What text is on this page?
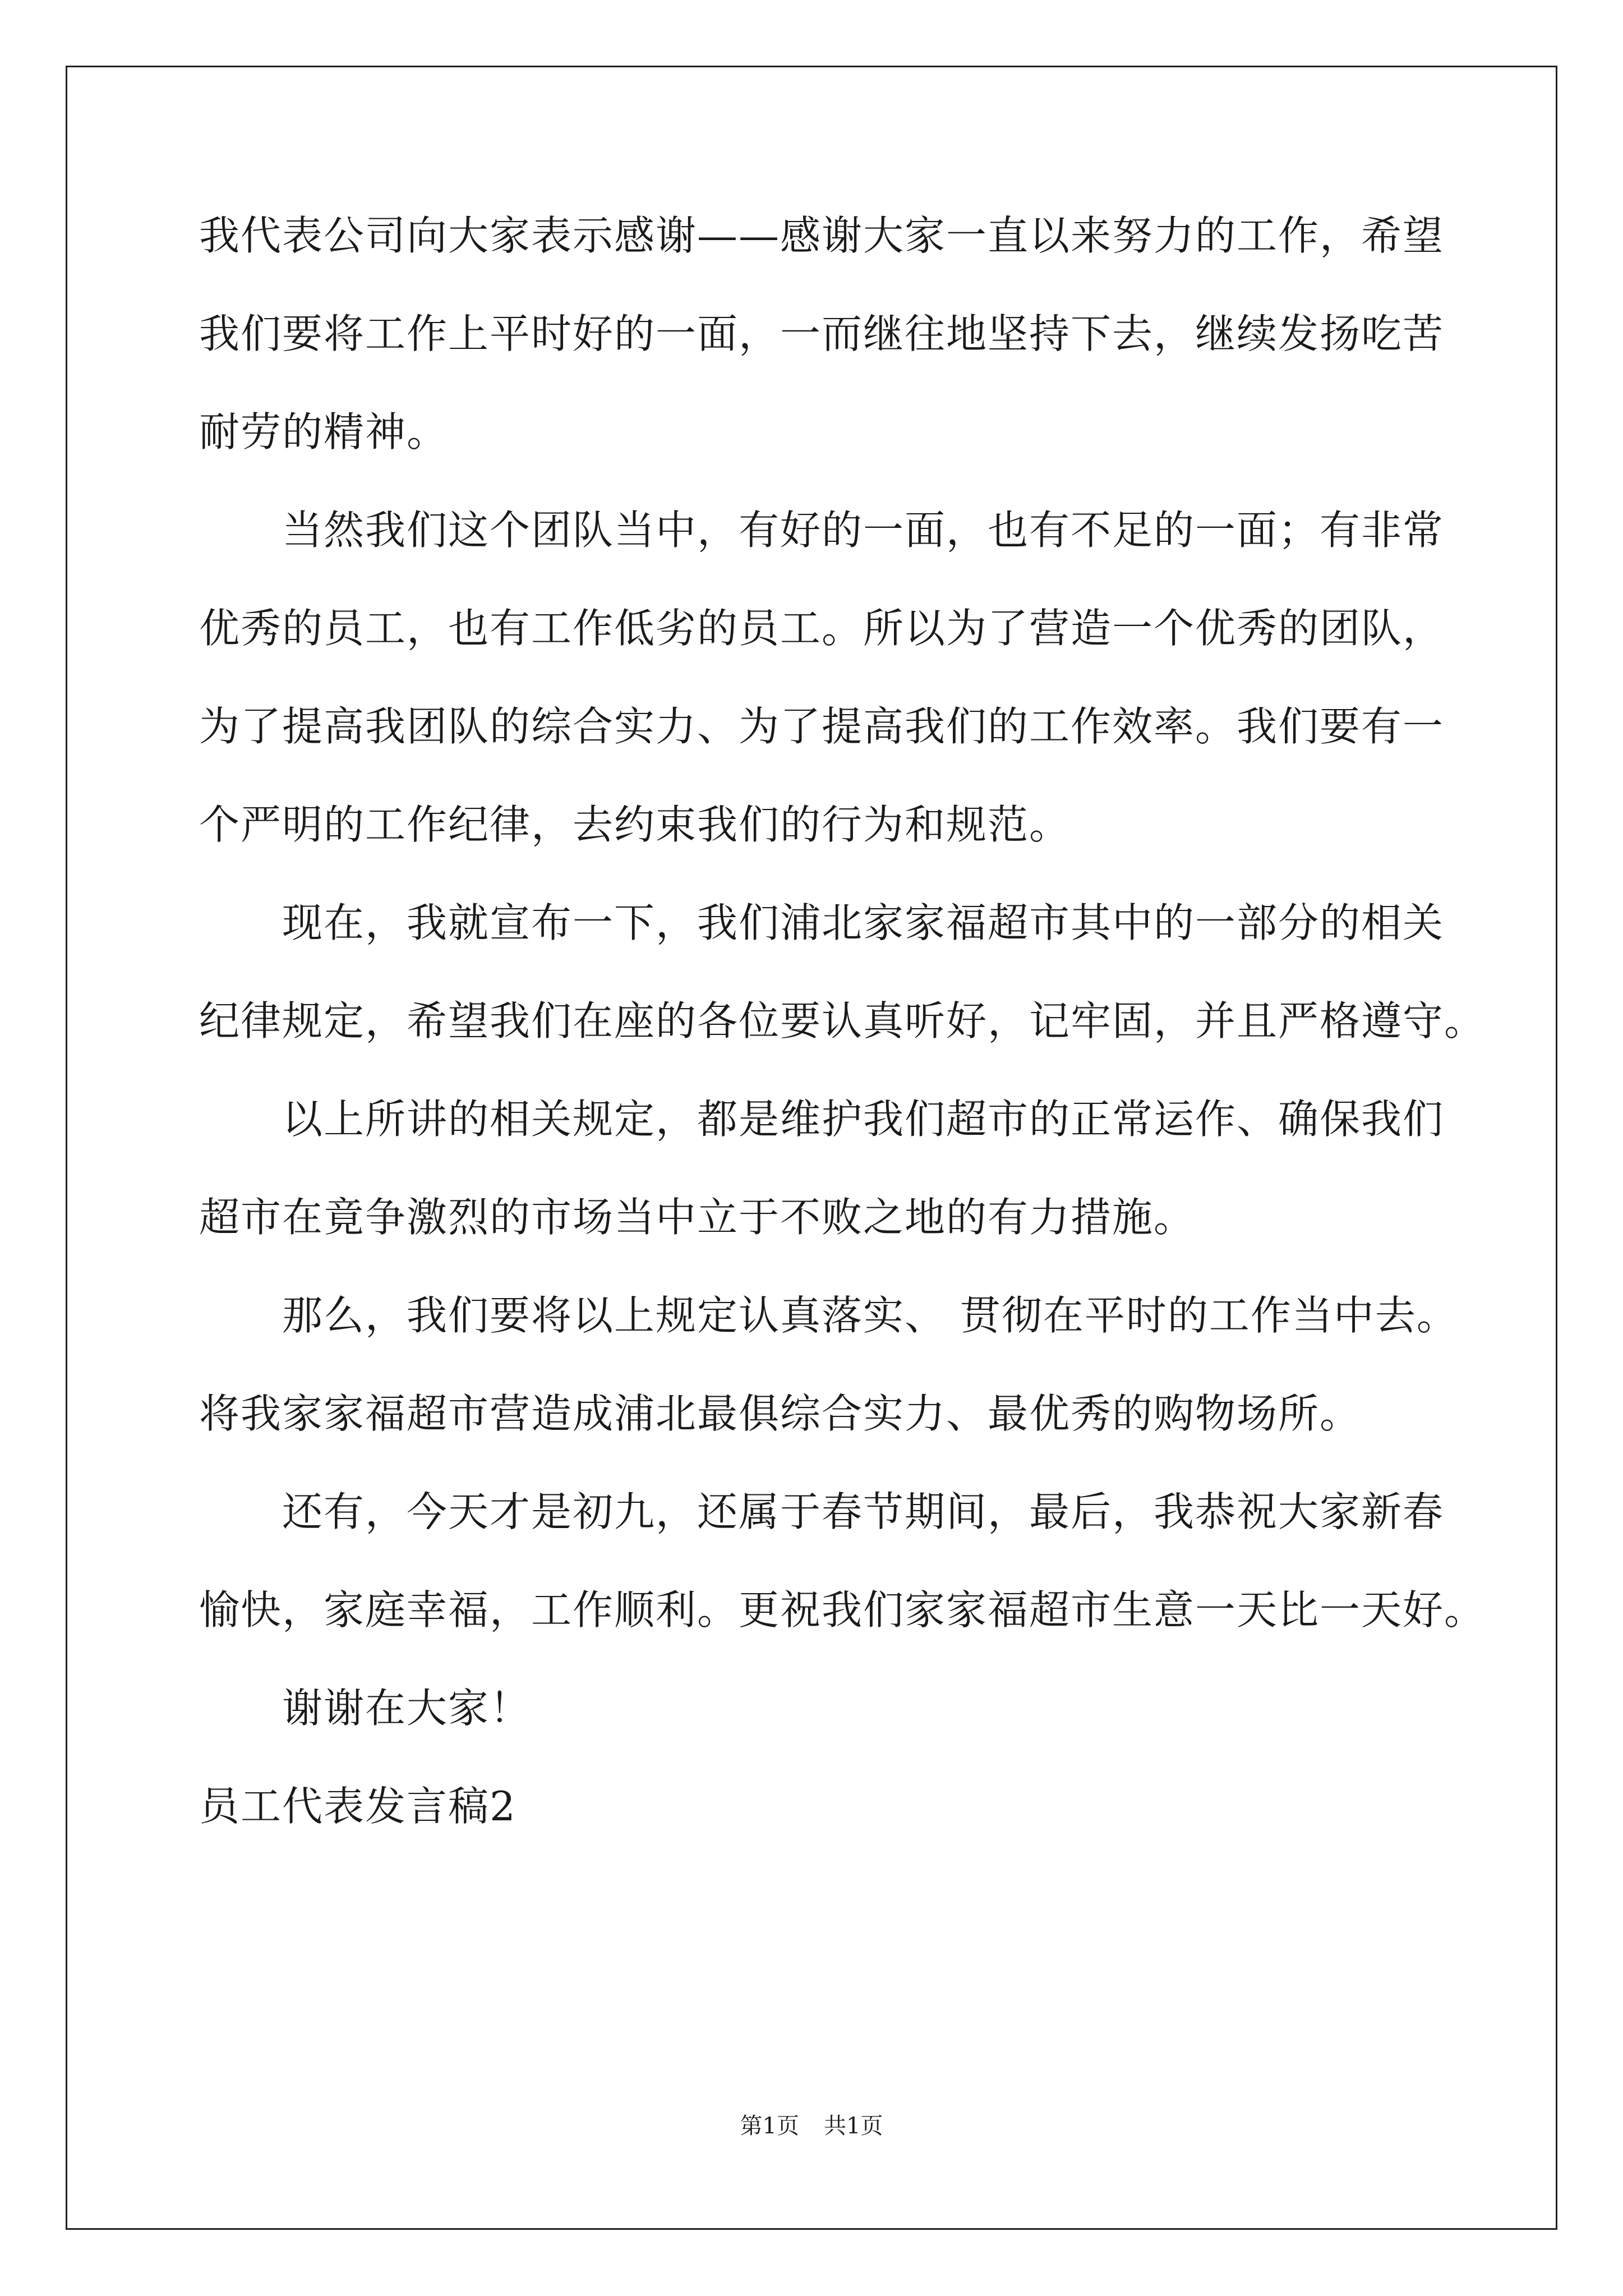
我代表公司向大家表示感谢——感谢大家一直以来努力的工作，希望
我们要将工作上平时好的一面，一而继往地坚持下去，继续发扬吃苦
耐劳的精神。
当然我们这个团队当中，有好的一面，也有不足的一面；有非常
优秀的员工，也有工作低劣的员工。所以为了营造一个优秀的团队，
为了提高我团队的综合实力、为了提高我们的工作效率。我们要有一
个严明的工作纪律，去约束我们的行为和规范。
现在，我就宣布一下，我们浦北家家福超市其中的一部分的相关
纪律规定，希望我们在座的各位要认真听好，记牢固，并且严格遵守。
以上所讲的相关规定，都是维护我们超市的正常运作、确保我们
超市在竟争激烈的市场当中立于不败之地的有力措施。
那么，我们要将以上规定认真落实、 贯彻在平时的工作当中去。
将我家家福超市营造成浦北最俱综合实力、最优秀的购物场所。
还有，今天才是初九，还属于春节期间，最后，我恭祝大家新春
愉快，家庭幸福，工作顺利。更祝我们家家福超市生意一天比一天好。
谢谢在大家！
员工代表发言稿2
第1页 共1页
